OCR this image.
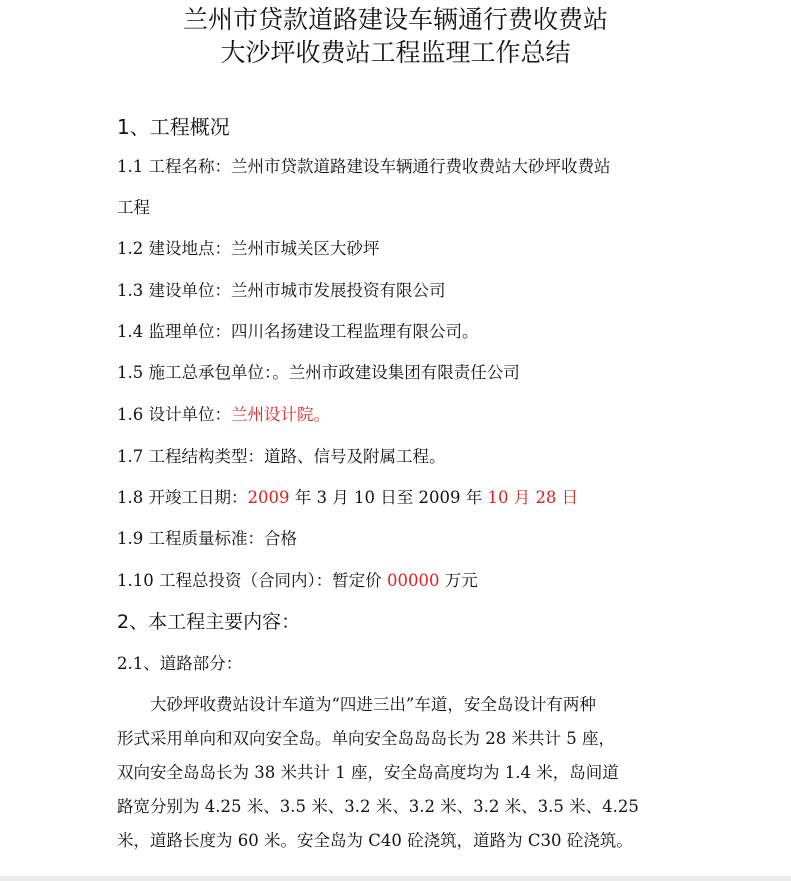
兰州市贷款道路建设车辆通行费收费站
大沙坪收费站工程监理工作总结
1、工程概况
1.1 工程名称：兰州市贷款道路建设车辆通行费收费站大砂坪收费站
工程
1.2 建设地点：兰州市城关区大砂坪
1.3 建设单位：兰州市城市发展投资有限公司
1.4 监理单位：四川名扬建设工程监理有限公司。
1.5 施工总承包单位：。兰州市政建设集团有限责任公司
1.6 设计单位：兰州设计院。
1.7 工程结构类型：道路、信号及附属工程。
1.8 开竣工日期：2009 年 3 月 10 日至 2009 年 10 月 28 日
1.9 工程质量标准：合格
1.10 工程总投资（合同内）：暂定价 00000 万元
2、本工程主要内容：
2.1、道路部分：
　　大砂坪收费站设计车道为“四进三出”车道，安全岛设计有两种
形式采用单向和双向安全岛。单向安全岛岛岛长为 28 米共计 5 座，
双向安全岛岛长为 38 米共计 1 座，安全岛高度均为 1.4 米，岛间道
路宽分别为 4.25 米、3.5 米、3.2 米、3.2 米、3.2 米、3.5 米、4.25
米，道路长度为 60 米。安全岛为 C40 砼浇筑，道路为 C30 砼浇筑。
